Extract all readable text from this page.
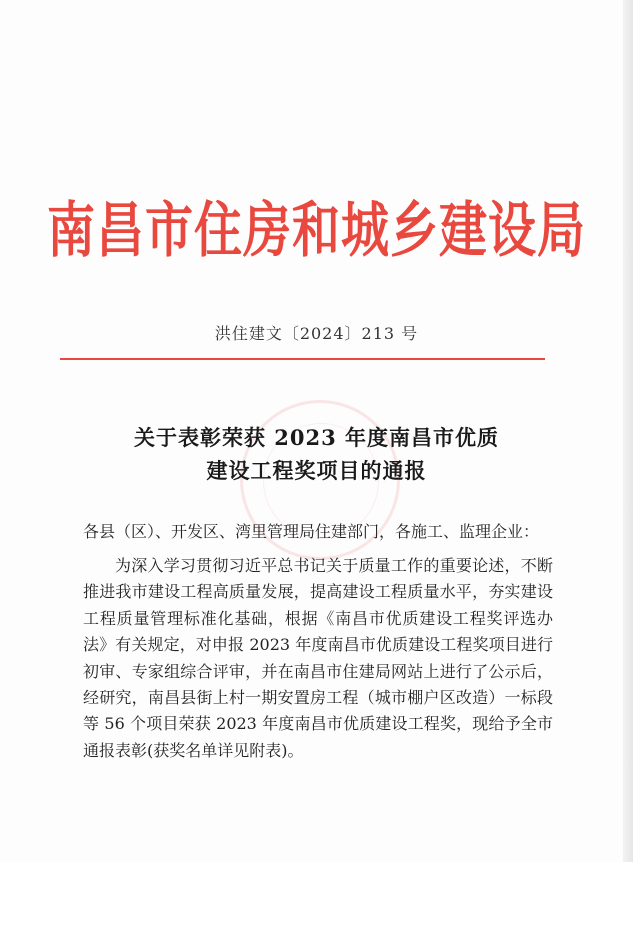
南昌市住房和城乡建设局
洪住建文〔2024〕213 号
关于表彰荣获 2023 年度南昌市优质
建设工程奖项目的通报
各县（区）、开发区、湾里管理局住建部门，各施工、监理企业：
为深入学习贯彻习近平总书记关于质量工作的重要论述，不断推进我市建设工程高质量发展，提高建设工程质量水平，夯实建设工程质量管理标准化基础，根据《南昌市优质建设工程奖评选办法》有关规定，对申报 2023 年度南昌市优质建设工程奖项目进行初审、专家组综合评审，并在南昌市住建局网站上进行了公示后，经研究，南昌县街上村一期安置房工程（城市棚户区改造）一标段等 56 个项目荣获 2023 年度南昌市优质建设工程奖，现给予全市通报表彰(获奖名单详见附表)。
